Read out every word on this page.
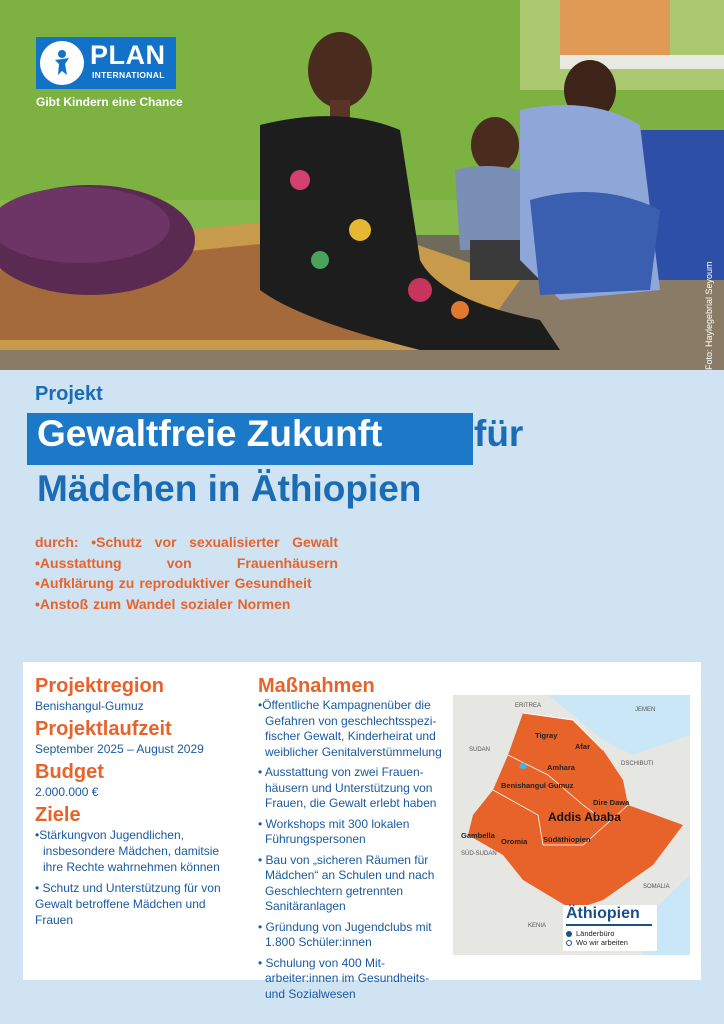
PLAN
INTERNATIONAL
Gibt Kindern eine Chance
Foto: Haylegebrial Seyoum
Projekt
Gewaltfreie Zukunft für
Mädchen in Äthiopien
durch: •Schutz vor sexualisierter Gewalt
•Ausstattung	von	Frauenhäusern
•Aufklärung zu reproduktiver Gesundheit
•Anstoß zum Wandel sozialer Normen
Projektregion
Benishangul-Gumuz
Projektlaufzeit
September 2025 – August 2029
Budget
2.000.000 €
Ziele
•Stärkungvon Jugendlichen, insbesondere Mädchen, damitsie ihre Rechte wahrnehmen können
• Schutz und Unterstützung für von Gewalt betroffene Mädchen und Frauen
Maßnahmen
•Öffentliche Kampagnenüber die Gefahren von geschlechtsspezi-fischer Gewalt, Kinderheirat und weiblicher Genitalverstümmelung
• Ausstattung von zwei Frauen-häusern und Unterstützung von Frauen, die Gewalt erlebt haben
• Workshops mit 300 lokalen Führungspersonen
• Bau von „sicheren Räumen für Mädchen“ an Schulen und nach Geschlechtern getrennten Sanitäranlagen
• Gründung von Jugendclubs mit 1.800 Schüler:innen
• Schulung von 400 Mit-arbeiter:innen im Gesundheits-und Sozialwesen
ERITREA
JEMEN
SUDAN
DSCHIBUTI
SÜD-SUDAN
SOMALIA
KENIA
Tigray
Afar
Amhara
Benishangul Gumuz
Dire Dawa
Gambella
Oromia Südäthiopien
Addis Ababa
Äthiopien
Länderbüro
Wo wir arbeiten
